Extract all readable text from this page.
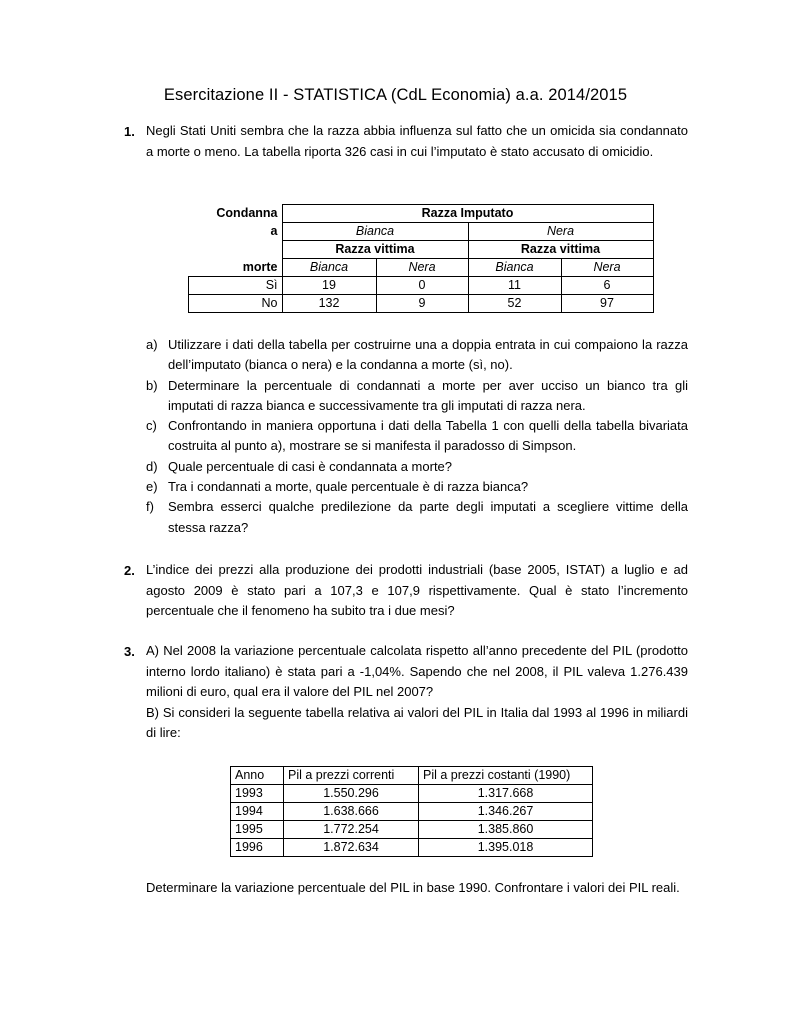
Esercitazione II - STATISTICA (CdL Economia) a.a. 2014/2015
1. Negli Stati Uniti sembra che la razza abbia influenza sul fatto che un omicida sia condannato a morte o meno. La tabella riporta 326 casi in cui l’imputato è stato accusato di omicidio.

Condanna	Razza Imputato			
a	Bianca		Nera	
	Razza vittima		Razza vittima	
morte	Bianca	Nera	Bianca	Nera
Sì	19	0	11	6
No	132	9	52	97
a) Utilizzare i dati della tabella per costruirne una a doppia entrata in cui compaiono la razza dell’imputato (bianca o nera) e la condanna a morte (sì, no).
b) Determinare la percentuale di condannati a morte per aver ucciso un bianco tra gli imputati di razza bianca e successivamente tra gli imputati di razza nera.
c) Confrontando in maniera opportuna i dati della Tabella 1 con quelli della tabella bivariata costruita al punto a), mostrare se si manifesta il paradosso di Simpson.
d) Quale percentuale di casi è condannata a morte?
e) Tra i condannati a morte, quale percentuale è di razza bianca?
f) Sembra esserci qualche predilezione da parte degli imputati a scegliere vittime della stessa razza?
2. L’indice dei prezzi alla produzione dei prodotti industriali (base 2005, ISTAT) a luglio e ad agosto 2009 è stato pari a 107,3 e 107,9 rispettivamente. Qual è stato l’incremento percentuale che il fenomeno ha subito tra i due mesi?

3. A) Nel 2008 la variazione percentuale calcolata rispetto all’anno precedente del PIL (prodotto interno lordo italiano) è stata pari a -1,04%. Sapendo che nel 2008, il PIL valeva 1.276.439 milioni di euro, qual era il valore del PIL nel 2007?

B) Si consideri la seguente tabella relativa ai valori del PIL in Italia dal 1993 al 1996 in miliardi di lire:

Anno	Pil a prezzi correnti	Pil a prezzi costanti (1990)
1993	1.550.296	1.317.668
1994	1.638.666	1.346.267
1995	1.772.254	1.385.860
1996	1.872.634	1.395.018

Determinare la variazione percentuale del PIL in base 1990. Confrontare i valori dei PIL reali.
